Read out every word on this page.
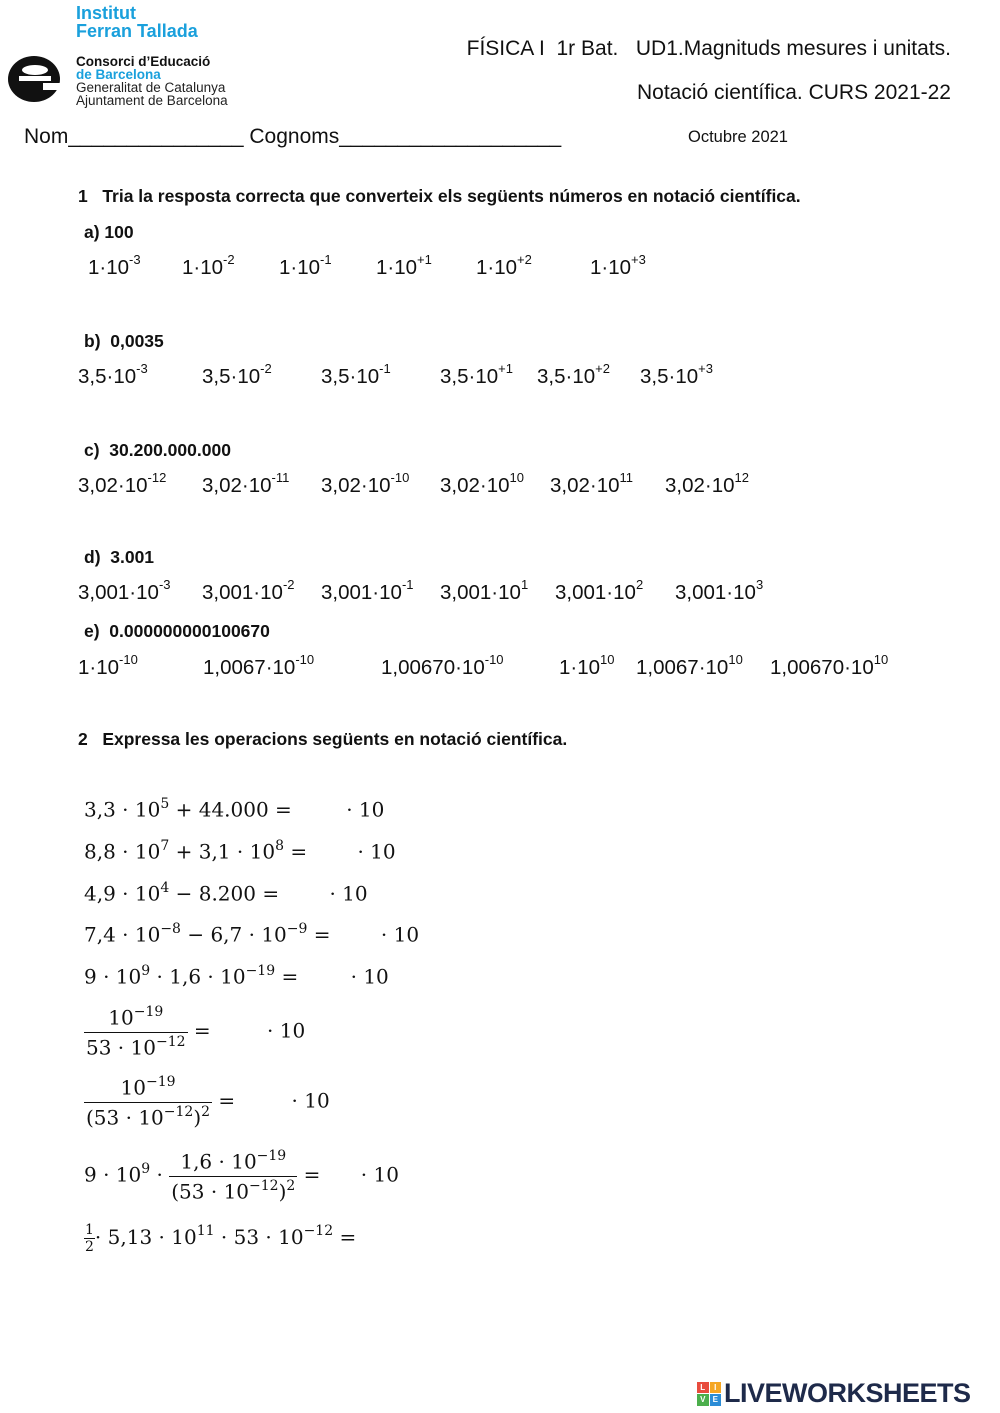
Institut
Ferran Tallada
Consorci d’Educació
de Barcelona
Generalitat de Catalunya
Ajuntament de Barcelona
FÍSICA I  1r Bat.   UD1.Magnituds mesures i unitats.
Notació científica. CURS 2021-22
Nom_______________ Cognoms___________________	Octubre 2021
1   Tria la resposta correcta que converteix els següents números en notació científica.
a) 100
b)  0,0035
c)  30.200.000.000
d)  3.001
e)  0.000000000100670
$1\cdot 10^{-3}$ $1\cdot 10^{-2}$ $1\cdot 10^{-1}$ $1\cdot 10^{+1}$ $1\cdot 10^{+2}$	$1\cdot 10^{+3}$
$3,5\cdot 10^{-3}$	$3,5\cdot 10^{-2}$ $3,5\cdot 10^{-1}$ $3,5\cdot 10^{+1}$ $3,5\cdot 10^{+2}$ $3,5\cdot 10^{+3}$
$3,02\cdot 10^{-12}$ $3,02\cdot 10^{-11}$ $3,02\cdot 10^{-10}$ $3,02\cdot 10^{10}$ $3,02\cdot 10^{11}$ $3,02\cdot 10^{12}$
$3,001\cdot 10^{-3}$ $3,001\cdot 10^{-2}$ $3,001\cdot 10^{-1}$ $3,001\cdot 10^1$ $3,001\cdot 10^2$ $3,001\cdot 10^3$
$1\cdot 10^{-10}$	$1,0067\cdot 10^{-10}$	$1,00670\cdot 10^{-10}$	$1\cdot 10^{10}$ $1,0067\cdot 10^{10}$ $1,00670\cdot 10^{10}$
2   Expressa les operacions següents en notació científica.
$3,3 \cdot 10^5 + 44.000$ =	· 10
$8,8 \cdot 10^7 + 3,1 \cdot 10^8$ =	· 10
$4,9 \cdot 10^4 - 8.200$ =	· 10
$7,4 \cdot 10^{-8} - 6,7 \cdot 10^{-9}$ =	· 10
$9 \cdot 10^9 \cdot 1,6 \cdot 10^{-19}$ =	· 10
$\frac{10^{-19}}{53 \cdot 10^{-12}}$ =	· 10
$\frac{10^{-19}}{(53 \cdot 10^{-12})^2}$ =	· 10
$9 \cdot 10^9 \cdot \frac{1,6 \cdot 10^{-19}}{(53 \cdot 10^{-12})^2}$ = · 10
$\frac{1}{2} \cdot 5,13 \cdot 10^{11} \cdot 53 \cdot 10^{-12}$ =
L	I
V E LIVEWORKSHEETS
